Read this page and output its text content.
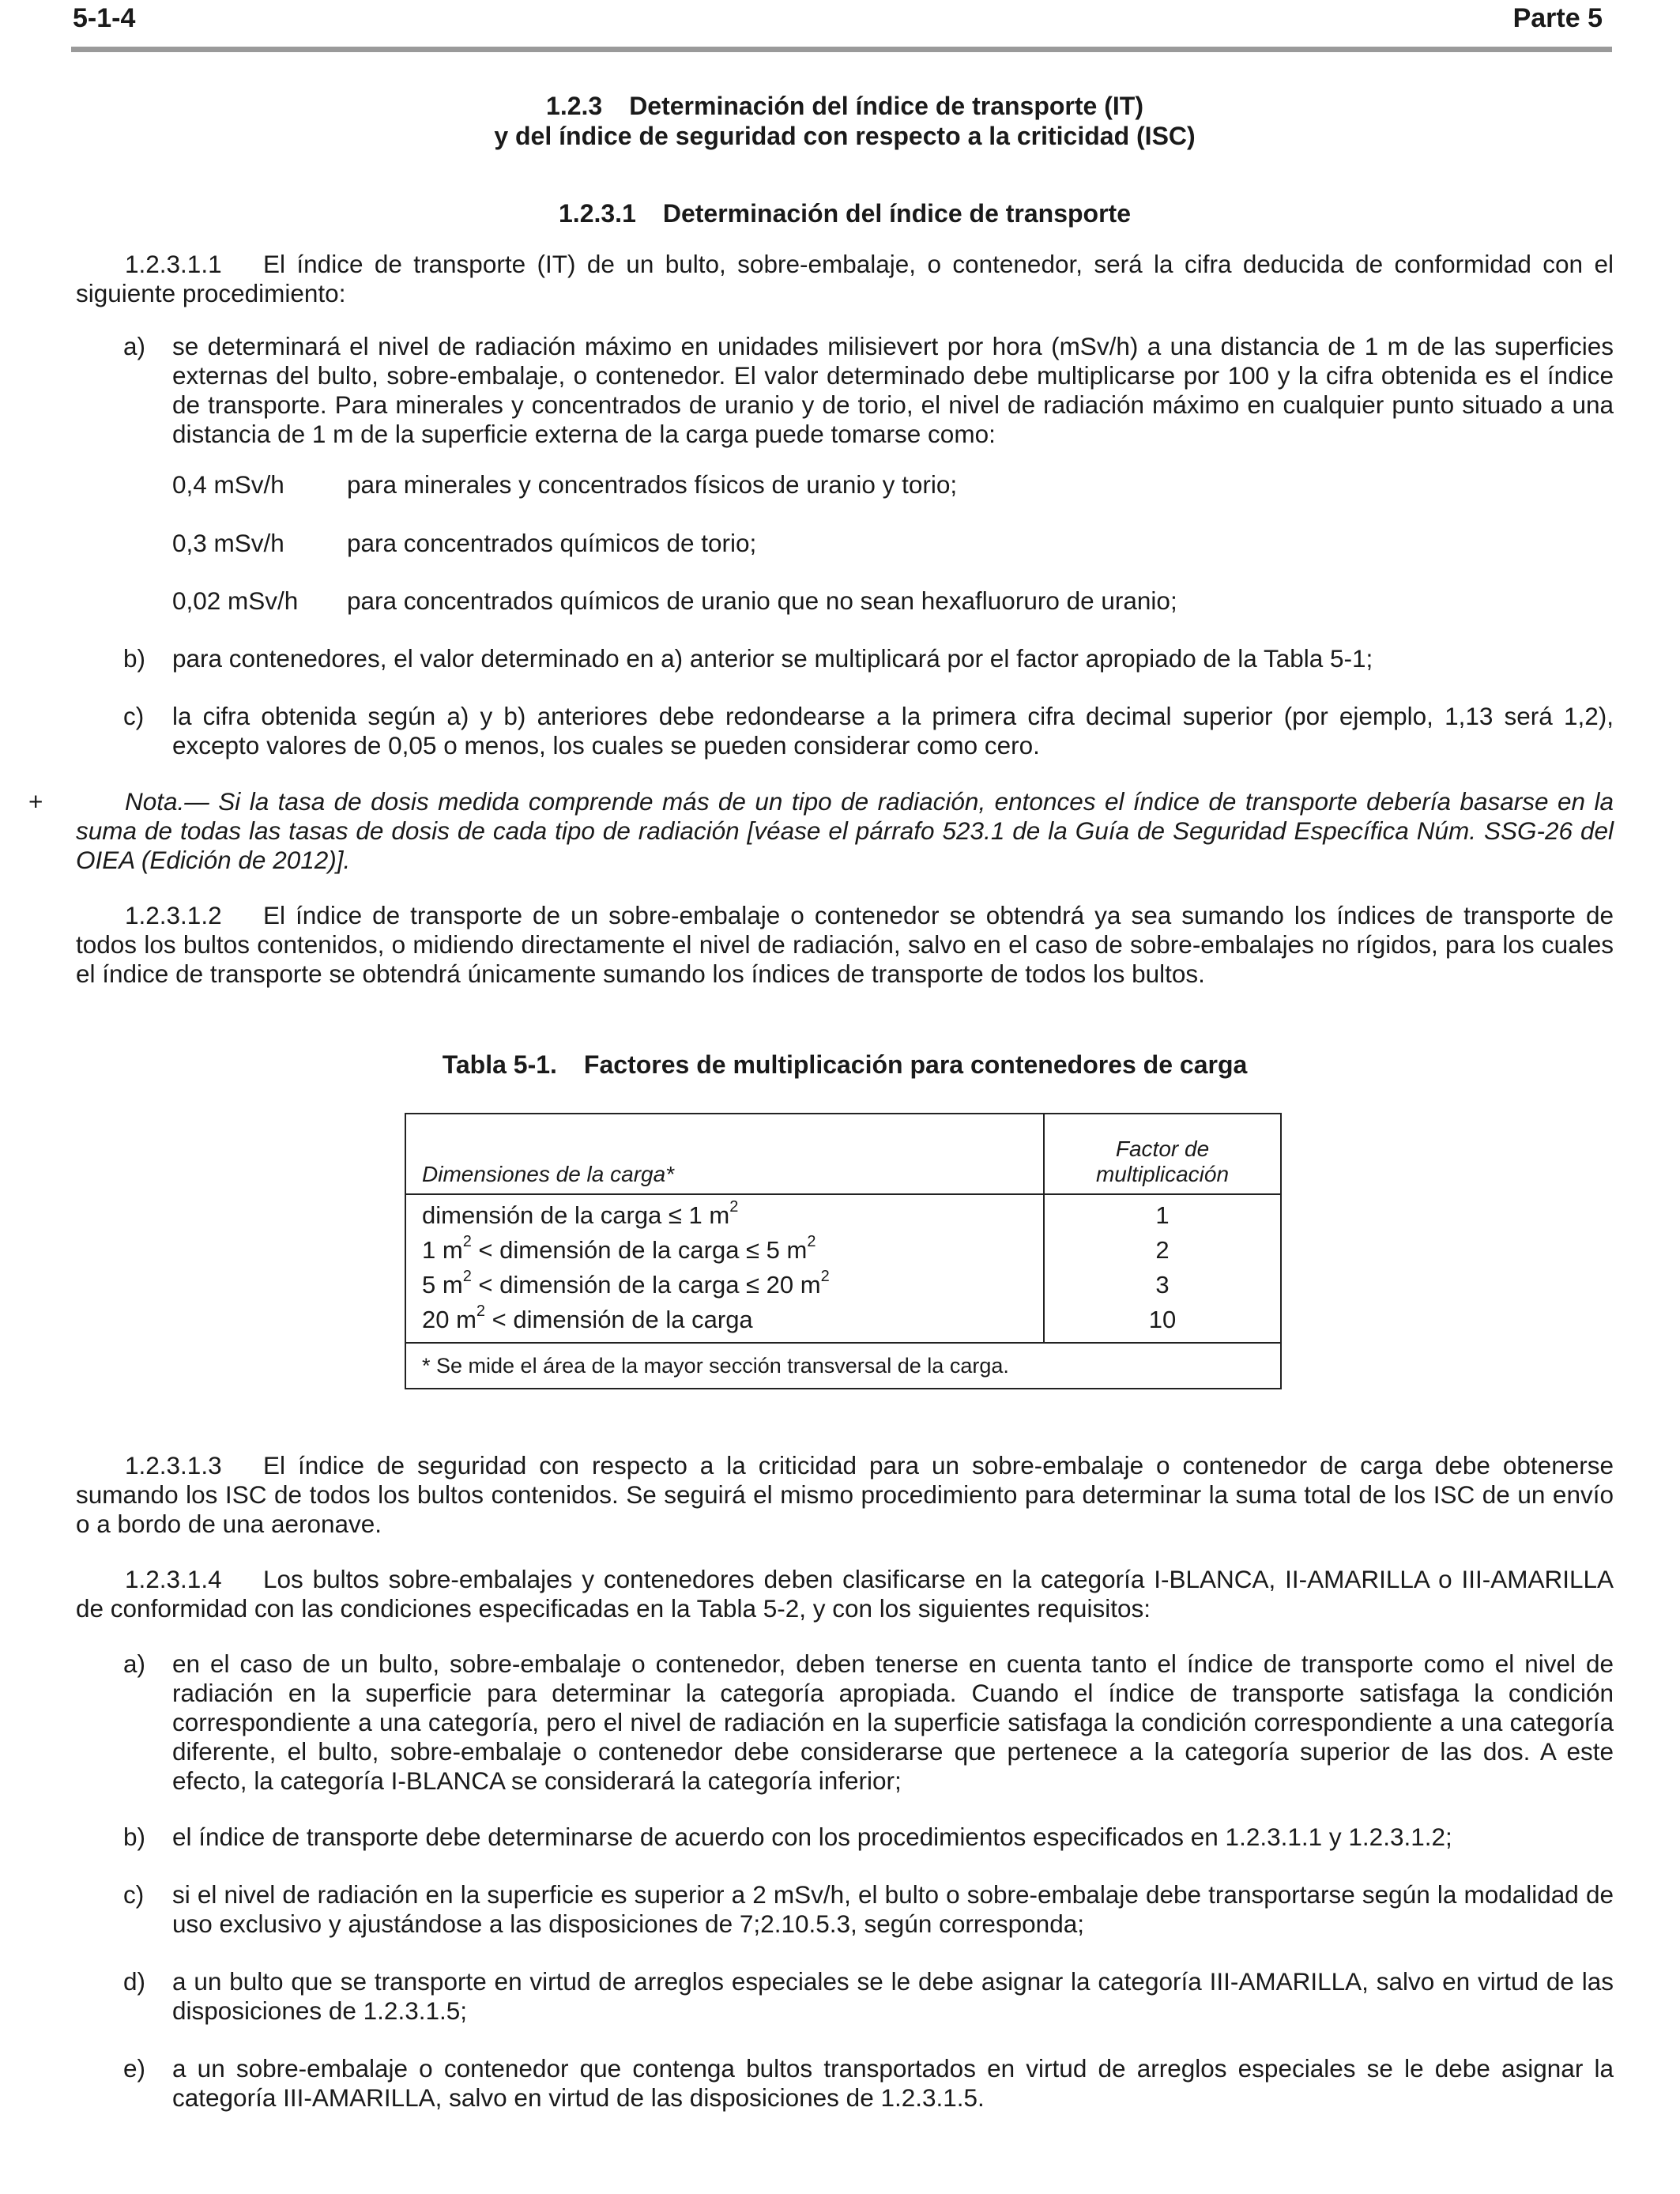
5-1-4	Parte 5
1.2.3 Determinación del índice de transporte (IT)
y del índice de seguridad con respecto a la criticidad (ISC)
1.2.3.1 Determinación del índice de transporte

1.2.3.1.1 El índice de transporte (IT) de un bulto, sobre-embalaje, o contenedor, será la cifra deducida de conformidad con el siguiente procedimiento:

a) se determinará el nivel de radiación máximo en unidades milisievert por hora (mSv/h) a una distancia de 1 m de las superficies externas del bulto, sobre-embalaje, o contenedor. El valor determinado debe multiplicarse por 100 y la cifra obtenida es el índice de transporte. Para minerales y concentrados de uranio y de torio, el nivel de radiación máximo en cualquier punto situado a una distancia de 1 m de la superficie externa de la carga puede tomarse como:
0,4 mSv/h	para minerales y concentrados físicos de uranio y torio;
0,3 mSv/h	para concentrados químicos de torio;
0,02 mSv/h para concentrados químicos de uranio que no sean hexafluoruro de uranio;
b) para contenedores, el valor determinado en a) anterior se multiplicará por el factor apropiado de la Tabla 5-1;
c) la cifra obtenida según a) y b) anteriores debe redondearse a la primera cifra decimal superior (por ejemplo, 1,13 será 1,2), excepto valores de 0,05 o menos, los cuales se pueden considerar como cero.

+	Nota.— Si la tasa de dosis medida comprende más de un tipo de radiación, entonces el índice de transporte debería basarse en la suma de todas las tasas de dosis de cada tipo de radiación [véase el párrafo 523.1 de la Guía de Seguridad Específica Núm. SSG-26 del OIEA (Edición de 2012)].

1.2.3.1.2 El índice de transporte de un sobre-embalaje o contenedor se obtendrá ya sea sumando los índices de transporte de todos los bultos contenidos, o midiendo directamente el nivel de radiación, salvo en el caso de sobre-embalajes no rígidos, para los cuales el índice de transporte se obtendrá únicamente sumando los índices de transporte de todos los bultos.

Tabla 5-1. Factores de multiplicación para contenedores de carga
Dimensiones de la carga*	Factor de
multiplicación

dimensión de la carga ≤ 1 $m^2$	1
1 $m^2$ < dimensión de la carga ≤ 5 $m^2$	2
5 $m^2$ < dimensión de la carga ≤ 20 $m^2$	3
20 $m^2$ < dimensión de la carga	10
* Se mide el área de la mayor sección transversal de la carga.	

1.2.3.1.3 El índice de seguridad con respecto a la criticidad para un sobre-embalaje o contenedor de carga debe obtenerse sumando los ISC de todos los bultos contenidos. Se seguirá el mismo procedimiento para determinar la suma total de los ISC de un envío o a bordo de una aeronave.

1.2.3.1.4 Los bultos sobre-embalajes y contenedores deben clasificarse en la categoría I-BLANCA, II-AMARILLA o III-AMARILLA de conformidad con las condiciones especificadas en la Tabla 5-2, y con los siguientes requisitos:

a) en el caso de un bulto, sobre-embalaje o contenedor, deben tenerse en cuenta tanto el índice de transporte como el nivel de radiación en la superficie para determinar la categoría apropiada. Cuando el índice de transporte satisfaga la condición correspondiente a una categoría, pero el nivel de radiación en la superficie satisfaga la condición correspondiente a una categoría diferente, el bulto, sobre-embalaje o contenedor debe considerarse que pertenece a la categoría superior de las dos. A este efecto, la categoría I-BLANCA se considerará la categoría inferior;
b) el índice de transporte debe determinarse de acuerdo con los procedimientos especificados en 1.2.3.1.1 y 1.2.3.1.2;
c) si el nivel de radiación en la superficie es superior a 2 mSv/h, el bulto o sobre-embalaje debe transportarse según la modalidad de uso exclusivo y ajustándose a las disposiciones de 7;2.10.5.3, según corresponda;
d) a un bulto que se transporte en virtud de arreglos especiales se le debe asignar la categoría III-AMARILLA, salvo en virtud de las disposiciones de 1.2.3.1.5;
e) a un sobre-embalaje o contenedor que contenga bultos transportados en virtud de arreglos especiales se le debe asignar la categoría III-AMARILLA, salvo en virtud de las disposiciones de 1.2.3.1.5.
